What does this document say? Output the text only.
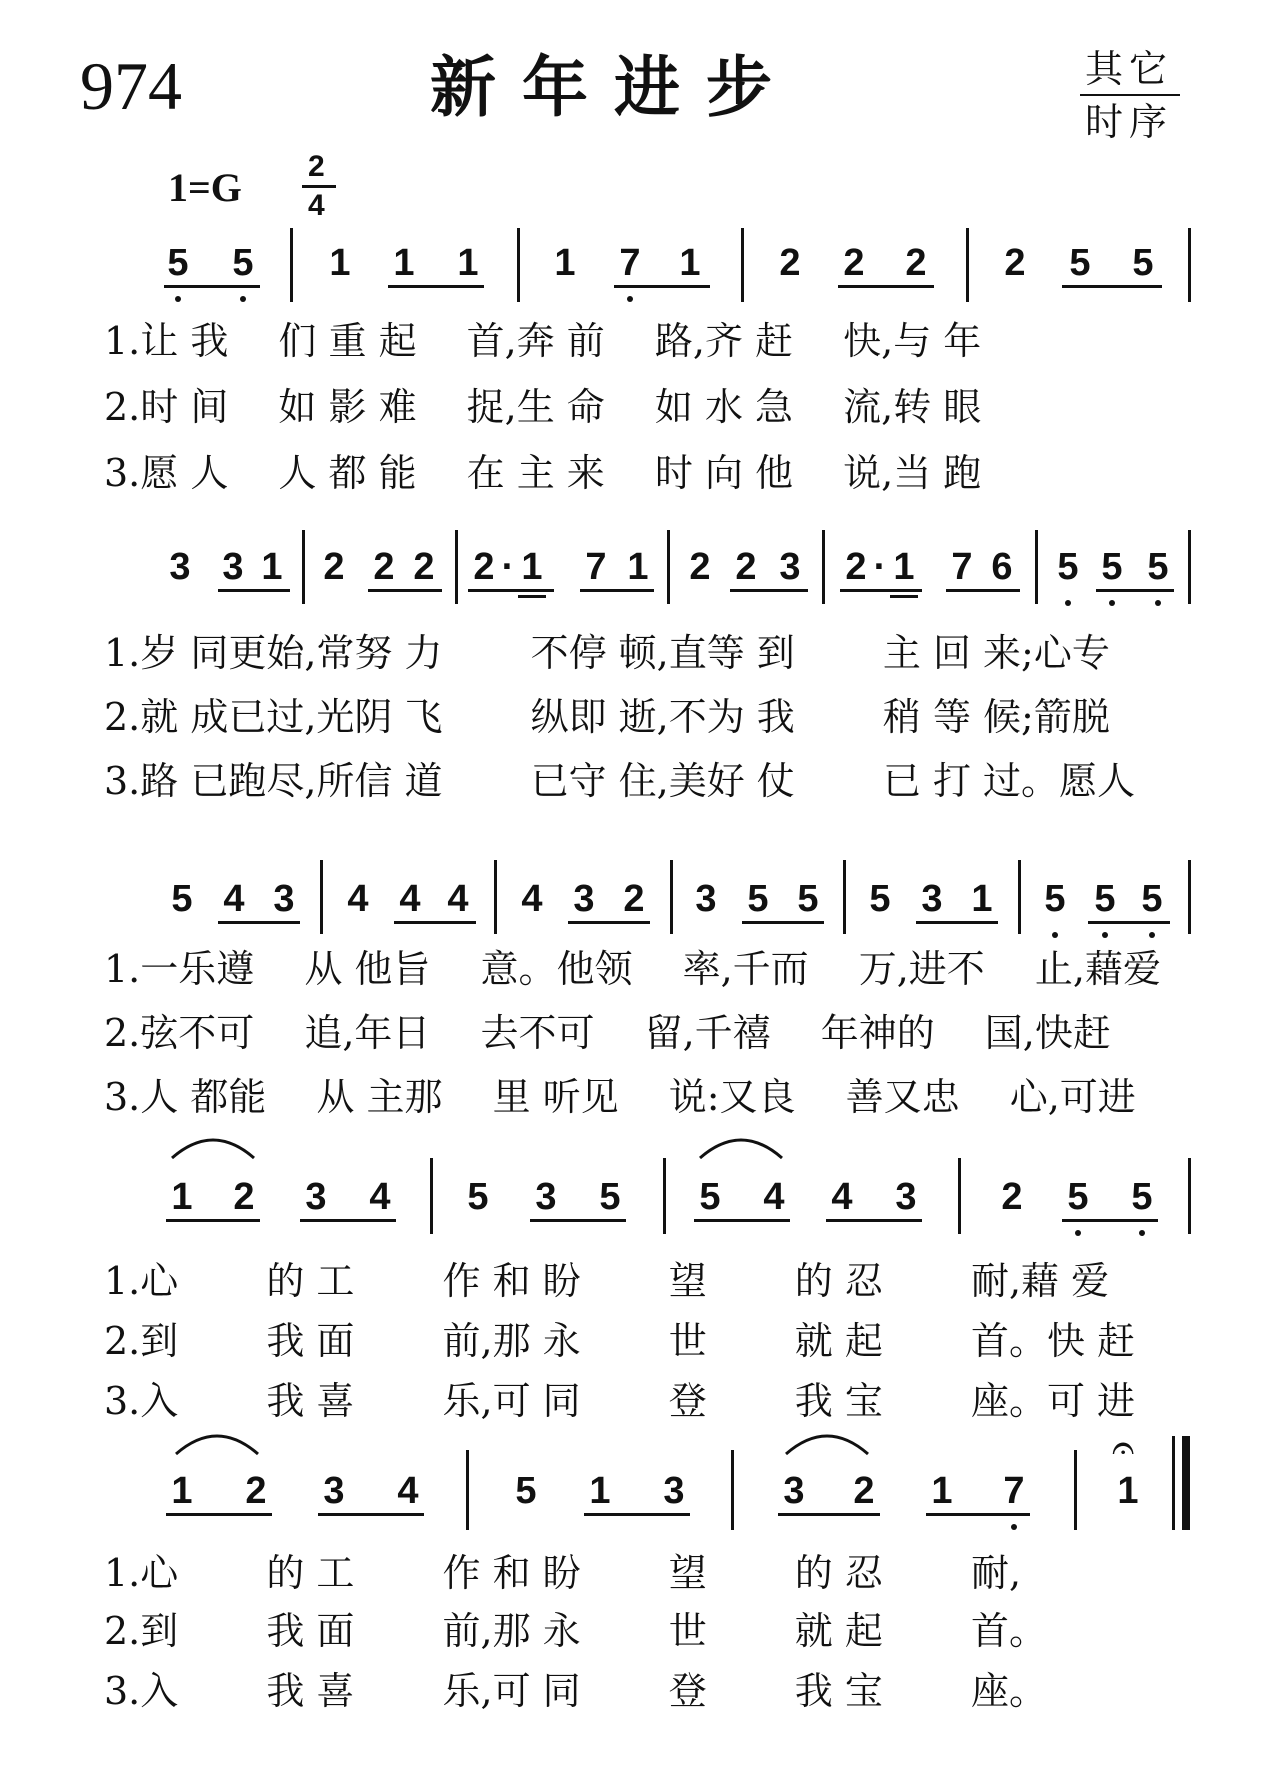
974	新年进步	其它
时序
1=G 2
4
5 5 1 1 1 1 7 1 2 2 2 2 5 5
1.让 我　 们 重 起　 首,奔 前　 路,齐 赶　 快,与 年
2.时 间　 如 影 难　 捉,生 命　 如 水 急　 流,转 眼
3.愿 人　 人 都 能　 在 主 来　 时 向 他　 说,当 跑
3 3 1 2 2 2 2 · 1 7 1 2 2 3 2 · 1 7 6 5 5 5
1.岁 同更始,常努 力　　 不停 顿,直等 到　　 主 回 来;心专
2.就 成已过,光阴 飞　　 纵即 逝,不为 我　　 稍 等 候;箭脱
3.路 已跑尽,所信 道　　 已守 住,美好 仗　　 已 打 过。愿人
5 4 3 4 4 4 4 3 2 3 5 5 5 3 1 5 5 5
1.一乐遵　 从 他旨　 意。他领　 率,千而　 万,进不　 止,藉爱
2.弦不可　 追,年日　 去不可　 留,千禧　 年神的　 国,快赶
3.人 都能　 从 主那　 里 听见　 说:又良　 善又忠　 心,可进
1 2 3 4 5 3 5 5 4 4 3 2 5 5
1.心　　 的 工　　 作 和 盼　　 望　　 的 忍　　 耐,藉 爱
2.到　　 我 面　　 前,那 永　　 世　　 就 起　　 首。快 赶
3.入　　 我 喜　　 乐,可 同　　 登　　 我 宝　　 座。可 进
𝄐
1 2 3 4	5 1 3	3 2 1 7 1
1.心　　 的 工　　 作 和 盼　　 望　　 的 忍　　 耐,
2.到　　 我 面　　 前,那 永　　 世　　 就 起　　 首。
3.入　　 我 喜　　 乐,可 同　　 登　　 我 宝　　 座。
